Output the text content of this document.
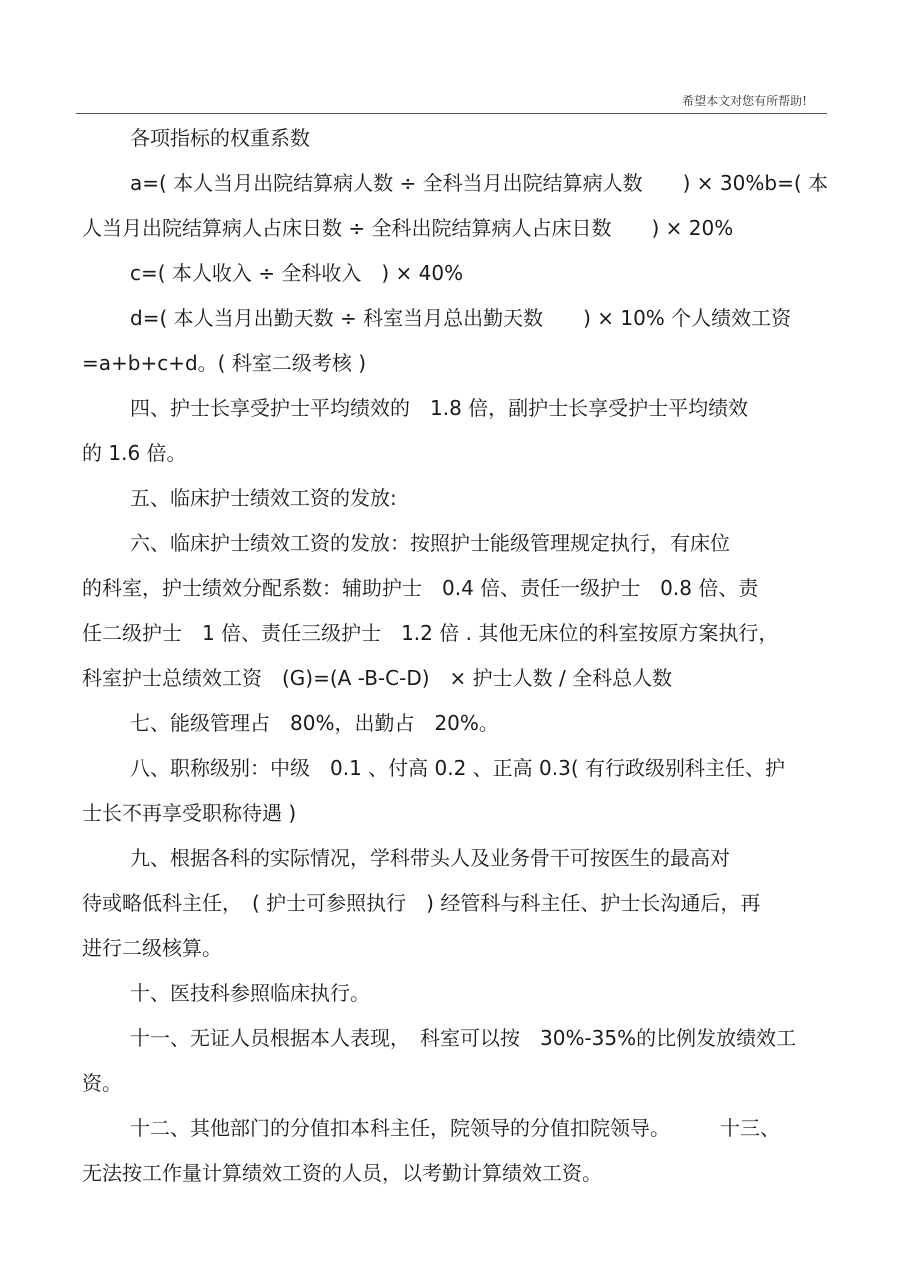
希望本文对您有所帮助!
各项指标的权重系数
a=( 本人当月出院结算病人数 ÷ 全科当月出院结算病人数　　) × 30%b=( 本
人当月出院结算病人占床日数 ÷ 全科出院结算病人占床日数　　) × 20%
c=( 本人收入 ÷ 全科收入　) × 40%
d=( 本人当月出勤天数 ÷ 科室当月总出勤天数　　) × 10% 个人绩效工资
=a+b+c+d。( 科室二级考核 )
四、护士长享受护士平均绩效的　1.8 倍，副护士长享受护士平均绩效
的 1.6 倍。
五、临床护士绩效工资的发放:
六、临床护士绩效工资的发放：按照护士能级管理规定执行，有床位
的科室，护士绩效分配系数：辅助护士　0.4 倍、责任一级护士　0.8 倍、责
任二级护士　1 倍、责任三级护士　1.2 倍 . 其他无床位的科室按原方案执行，
科室护士总绩效工资　(G)=(A -B-C-D)　× 护士人数 / 全科总人数
七、能级管理占　80%，出勤占　20%。
八、职称级别：中级　0.1 、付高 0.2 、正高 0.3( 有行政级别科主任、护
士长不再享受职称待遇 )
九、根据各科的实际情况，学科带头人及业务骨干可按医生的最高对
待或略低科主任，　( 护士可参照执行　) 经管科与科主任、护士长沟通后，再
进行二级核算。
十、医技科参照临床执行。
十一、无证人员根据本人表现，　科室可以按　30%-35%的比例发放绩效工
资。
十二、其他部门的分值扣本科主任，院领导的分值扣院领导。　　　十三、
无法按工作量计算绩效工资的人员，以考勤计算绩效工资。
